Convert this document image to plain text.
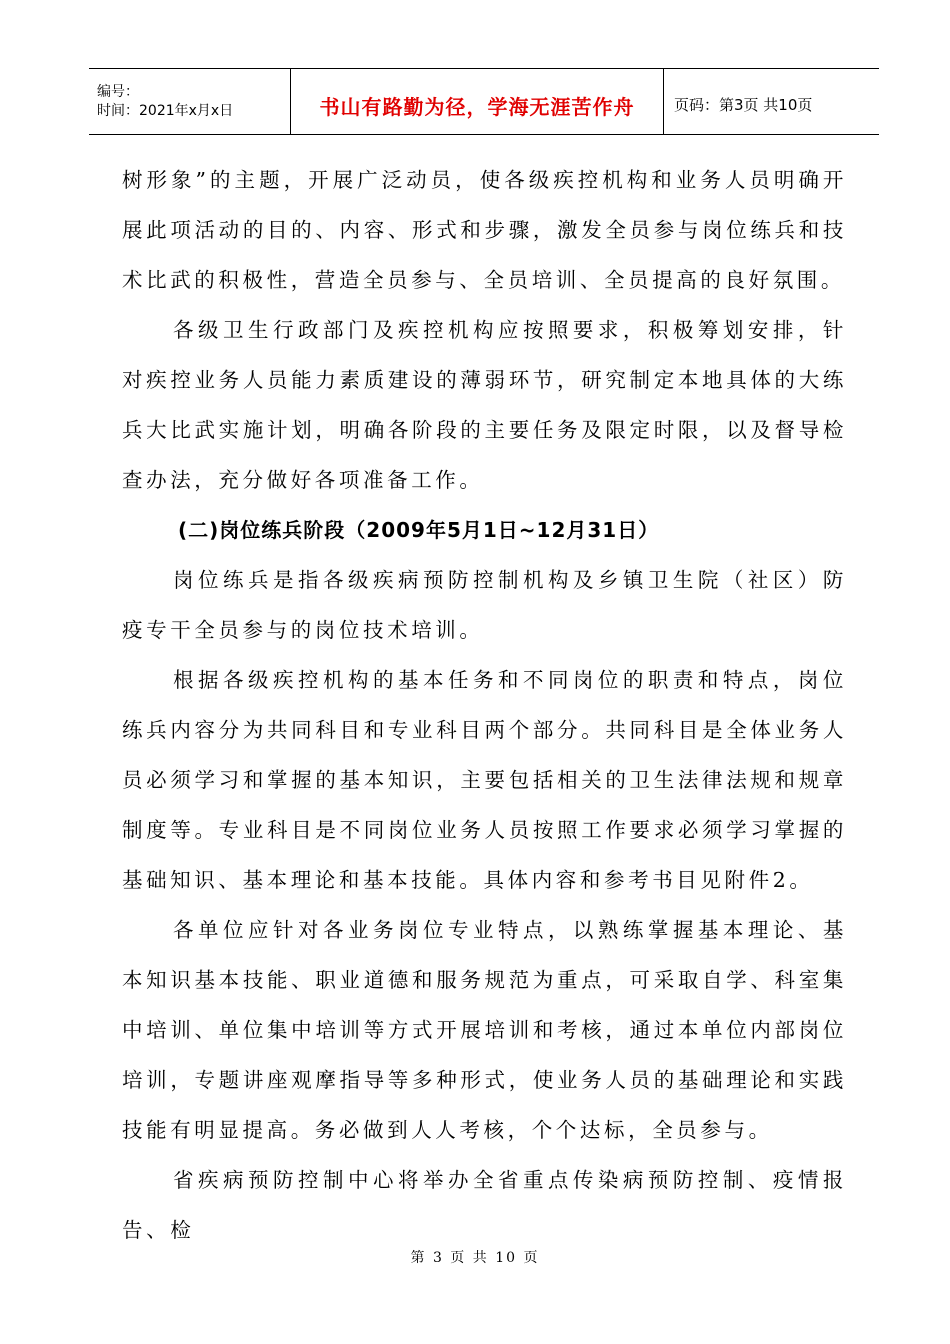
编号：
时间：2021年x月x日	书山有路勤为径，学海无涯苦作舟	页码：第3页 共10页

树形象”的主题，开展广泛动员，使各级疾控机构和业务人员明确开展此项活动的目的、内容、形式和步骤，激发全员参与岗位练兵和技术比武的积极性，营造全员参与、全员培训、全员提高的良好氛围。

各级卫生行政部门及疾控机构应按照要求，积极筹划安排，针对疾控业务人员能力素质建设的薄弱环节，研究制定本地具体的大练兵大比武实施计划，明确各阶段的主要任务及限定时限，以及督导检查办法，充分做好各项准备工作。

(二)岗位练兵阶段（2009年5月1日~12月31日）

岗位练兵是指各级疾病预防控制机构及乡镇卫生院（社区）防疫专干全员参与的岗位技术培训。

根据各级疾控机构的基本任务和不同岗位的职责和特点，岗位练兵内容分为共同科目和专业科目两个部分。共同科目是全体业务人员必须学习和掌握的基本知识，主要包括相关的卫生法律法规和规章制度等。专业科目是不同岗位业务人员按照工作要求必须学习掌握的基础知识、基本理论和基本技能。具体内容和参考书目见附件2。

各单位应针对各业务岗位专业特点，以熟练掌握基本理论、基本知识基本技能、职业道德和服务规范为重点，可采取自学、科室集中培训、单位集中培训等方式开展培训和考核，通过本单位内部岗位培训，专题讲座观摩指导等多种形式，使业务人员的基础理论和实践技能有明显提高。务必做到人人考核，个个达标，全员参与。

省疾病预防控制中心将举办全省重点传染病预防控制、疫情报告、检

第 3 页 共 10 页
